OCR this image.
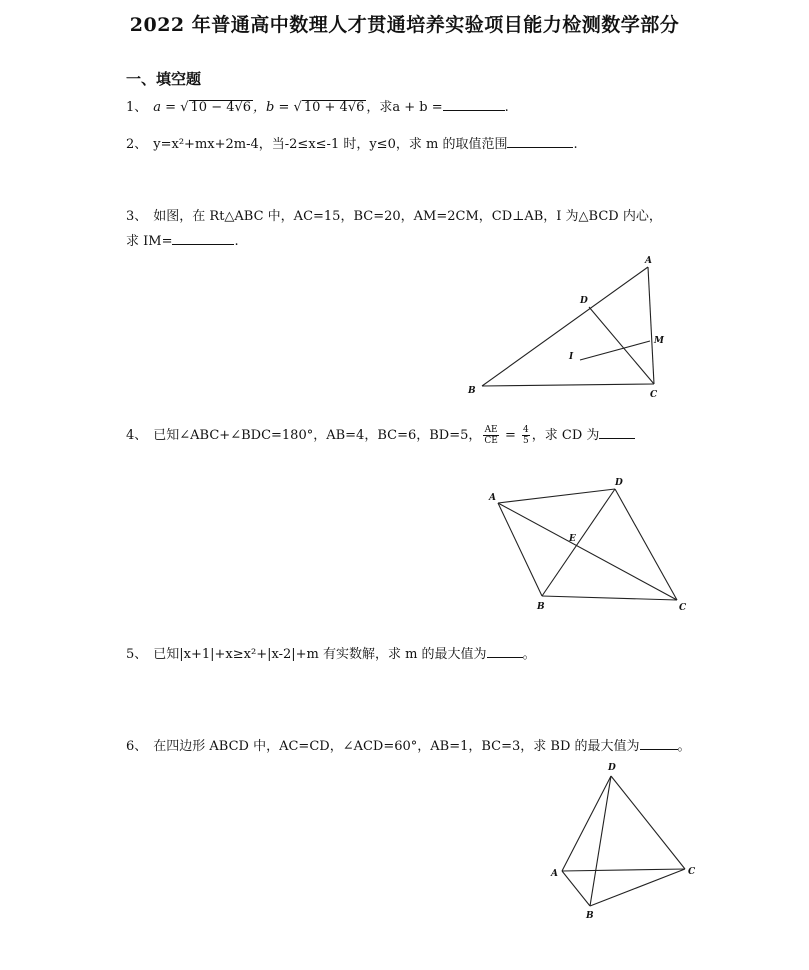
2022 年普通高中数理人才贯通培养实验项目能力检测数学部分
一、填空题
1、 a = √ 10 − 4√6 ，b = √ 10 + 4√6 ，求a + b =	.
2、 y=x²+mx+2m-4，当-2≤x≤-1 时，y≤0，求 m 的取值范围	.
3、 如图，在 Rt△ABC 中，AC=15，BC=20，AM=2CM，CD⊥AB，I 为△BCD 内心，
求 IM=	.
A
B	C
D
M
I
4、 已知∠ABC+∠BDC=180°，AB=4，BC=6，BD=5， $\frac{AE}{CE} = \frac{4}{5}$ ，求 CD 为
A
B	C
D
E
5、 已知|x+1|+x≥x²+|x-2|+m 有实数解，求 m 的最大值为	。
6、 在四边形 ABCD 中，AC=CD，∠ACD=60°，AB=1，BC=3，求 BD 的最大值为	。
A
B
C
D
